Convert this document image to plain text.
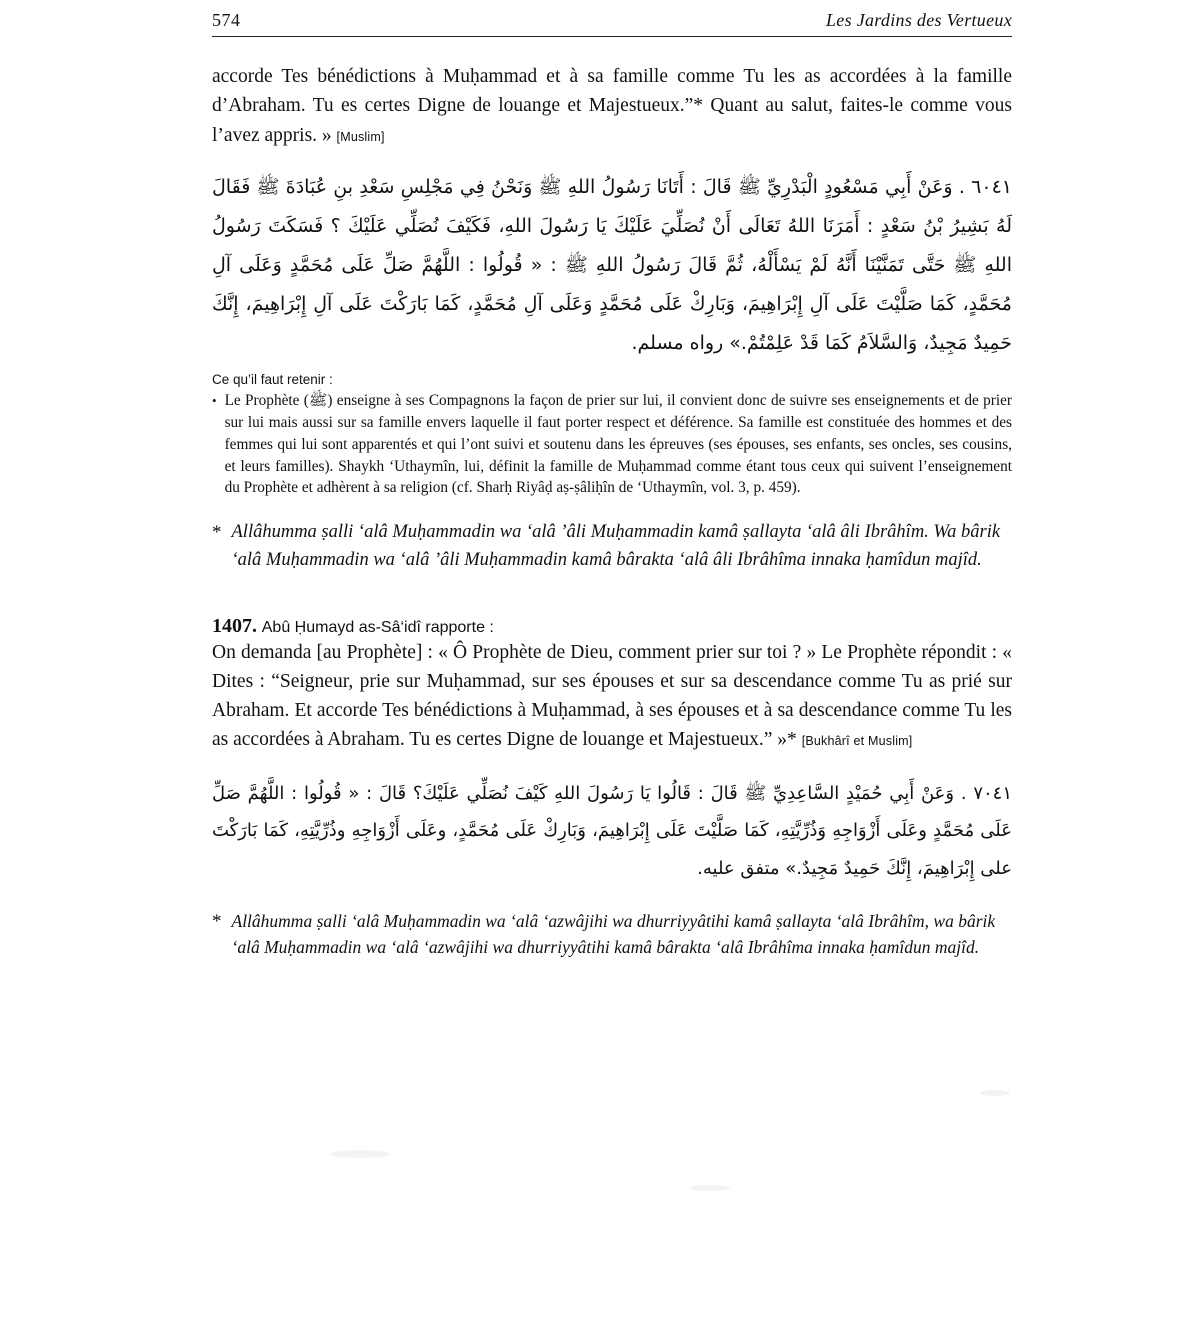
574	Les Jardins des Vertueux

accorde Tes bénédictions à Muḥammad et à sa famille comme Tu les as accordées à la famille d’Abraham. Tu es certes Digne de louange et Majestueux.”* Quant au salut, faites-le comme vous l’avez appris. » [Muslim]

١٤٠٦ . وَعَنْ أَبِي مَسْعُودٍ الْبَدْرِيِّ ﷺ قَالَ : أَتَانَا رَسُولُ اللهِ ﷺ وَنَحْنُ فِي مَجْلِسِ سَعْدِ بنِ عُبَادَةَ ﷺ فَقَالَ لَهُ بَشِيرُ بْنُ سَعْدٍ : أَمَرَنَا اللهُ تَعَالَى أَنْ نُصَلِّيَ عَلَيْكَ يَا رَسُولَ اللهِ، فَكَيْفَ نُصَلِّي عَلَيْكَ ؟ فَسَكَتَ رَسُولُ اللهِ ﷺ حَتَّى تَمَنَّيْنَا أَنَّهُ لَمْ يَسْأَلْهُ، ثُمَّ قَالَ رَسُولُ اللهِ ﷺ : « قُولُوا : اللَّهُمَّ صَلِّ عَلَى مُحَمَّدٍ وَعَلَى آلِ مُحَمَّدٍ، كَمَا صَلَّيْتَ عَلَى آلِ إِبْرَاهِيمَ، وَبَارِكْ عَلَى مُحَمَّدٍ وَعَلَى آلِ مُحَمَّدٍ، كَمَا بَارَكْتَ عَلَى آلِ إِبْرَاهِيمَ، إِنَّكَ حَمِيدٌ مَجِيدٌ، وَالسَّلاَمُ كَمَا قَدْ عَلِمْتُمْ.» رواه مسلم.
Ce qu’il faut retenir :
• Le Prophète (ﷺ) enseigne à ses Compagnons la façon de prier sur lui, il convient donc de suivre ses enseignements et de prier sur lui mais aussi sur sa famille envers laquelle il faut porter respect et déférence. Sa famille est constituée des hommes et des femmes qui lui sont apparentés et qui l’ont suivi et soutenu dans les épreuves (ses épouses, ses enfants, ses oncles, ses cousins, et leurs familles). Shaykh ‘Uthaymîn, lui, définit la famille de Muḥammad comme étant tous ceux qui suivent l’enseignement du Prophète et adhèrent à sa religion (cf. Sharḥ Riyâḍ aṣ-ṣâliḥîn de ‘Uthaymîn, vol. 3, p. 459).
* Allâhumma ṣalli ‘alâ Muḥammadin wa ‘alâ ’âli Muḥammadin kamâ ṣallayta ‘alâ âli Ibrâhîm. Wa bârik ‘alâ Muḥammadin wa ‘alâ ’âli Muḥammadin kamâ bârakta ‘alâ âli Ibrâhîma innaka ḥamîdun majîd.
1407. Abû Ḥumayd as-Sâ‘idî rapporte :

On demanda [au Prophète] : « Ô Prophète de Dieu, comment prier sur toi ? » Le Prophète répondit : « Dites : “Seigneur, prie sur Muḥammad, sur ses épouses et sur sa descendance comme Tu as prié sur Abraham. Et accorde Tes bénédictions à Muḥammad, à ses épouses et à sa descendance comme Tu les as accordées à Abraham. Tu es certes Digne de louange et Majestueux.” »* [Bukhârî et Muslim]

١٤٠٧ . وَعَنْ أَبِي حُمَيْدٍ السَّاعِدِيِّ ﷺ قَالَ : قَالُوا يَا رَسُولَ اللهِ كَيْفَ نُصَلِّي عَلَيْكَ؟ قَالَ : « قُولُوا : اللَّهُمَّ صَلِّ عَلَى مُحَمَّدٍ وعَلَى أَزْوَاجِهِ وَذُرِّيَّتِهِ، كَمَا صَلَّيْتَ عَلَى إِبْرَاهِيمَ، وَبَارِكْ عَلَى مُحَمَّدٍ، وعَلَى أَزْوَاجِهِ وذُرِّيَّتِهِ، كَمَا بَارَكْتَ على إِبْرَاهِيمَ، إِنَّكَ حَمِيدٌ مَجِيدٌ.» متفق عليه.
* Allâhumma ṣalli ‘alâ Muḥammadin wa ‘alâ ‘azwâjihi wa dhurriyyâtihi kamâ ṣallayta ‘alâ Ibrâhîm, wa bârik ‘alâ Muḥammadin wa ‘alâ ‘azwâjihi wa dhurriyyâtihi kamâ bârakta ‘alâ Ibrâhîma innaka ḥamîdun majîd.
